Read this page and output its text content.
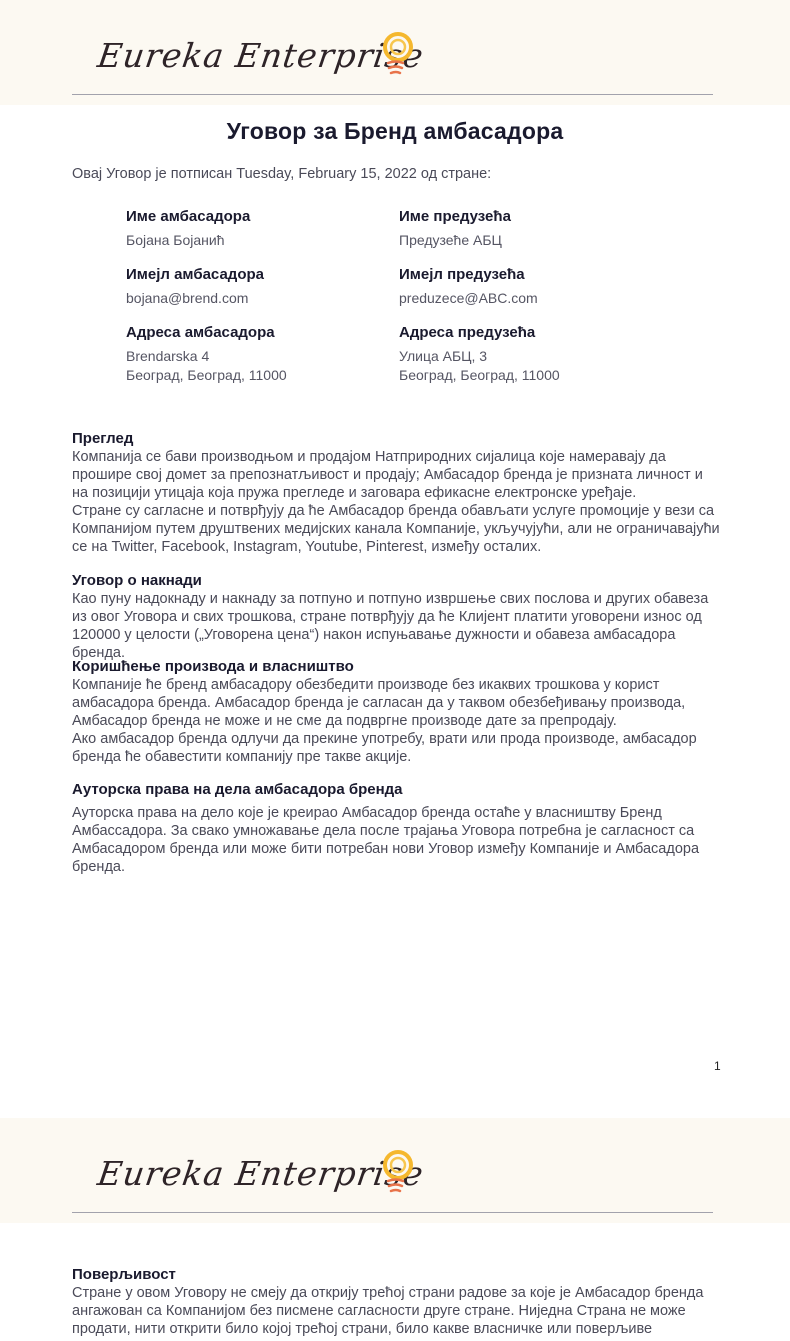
Eureka Enterprise
Уговор за Бренд амбасадора
Овај Уговор је потписан Tuesday, February 15, 2022 од стране:
Име амбасадора
Бојана Бојанић
Имејл амбасадора
bojana@brend.com
Адреса амбасадора
Brendarska 4
Београд, Београд, 11000
Име предузећа
Предузеће АБЦ
Имејл предузећа
preduzece@ABC.com
Адреса предузећа
Улица АБЦ, 3
Београд, Београд, 11000
Преглед

Компанија се бави производњом и продајом Натприродних сијалица које намеравају да прошире свој домет за препознатљивост и продају; Амбасадор бренда је призната личност и на позицији утицаја која пружа прегледе и заговара ефикасне електронске уређаје.

Стране су сагласне и потврђују да ће Амбасадор бренда обављати услуге промоције у вези са Компанијом путем друштвених медијских канала Компаније, укључујући, али не ограничавајући се на Twitter, Facebook, Instagram, Youtube, Pinterest, између осталих.

Уговор о накнади

Као пуну надокнаду и накнаду за потпуно и потпуно извршење свих послова и других обавеза из овог Уговора и свих трошкова, стране потврђују да ће Клијент платити уговорени износ од 120000 у целости („Уговорена цена“) након испуњавање дужности и обавеза амбасадора бренда.

Коришћење производа и власништво

Компаније ће бренд амбасадору обезбедити производе без икаквих трошкова у корист амбасадора бренда. Амбасадор бренда је сагласан да у таквом обезбеђивању производа, Амбасадор бренда не може и не сме да подвргне производе дате за препродају.

Ако амбасадор бренда одлучи да прекине употребу, врати или прода производе, амбасадор бренда ће обавестити компанију пре такве акције.

Ауторска права на дела амбасадора бренда

Ауторска права на дело које је креирао Амбасадор бренда остаће у власништву Бренд Амбассадора. За свако умножавање дела после трајања Уговора потребна је сагласност са Амбасадором бренда или може бити потребан нови Уговор између Компаније и Амбасадора бренда.

1
Eureka Enterprise
Поверљивост

Стране у овом Уговору не смеју да открију трећој страни радове за које је Амбасадор бренда ангажован са Компанијом без писмене сагласности друге стране. Ниједна Страна не може продати, нити открити било којој трећој страни, било какве власничке или поверљиве
